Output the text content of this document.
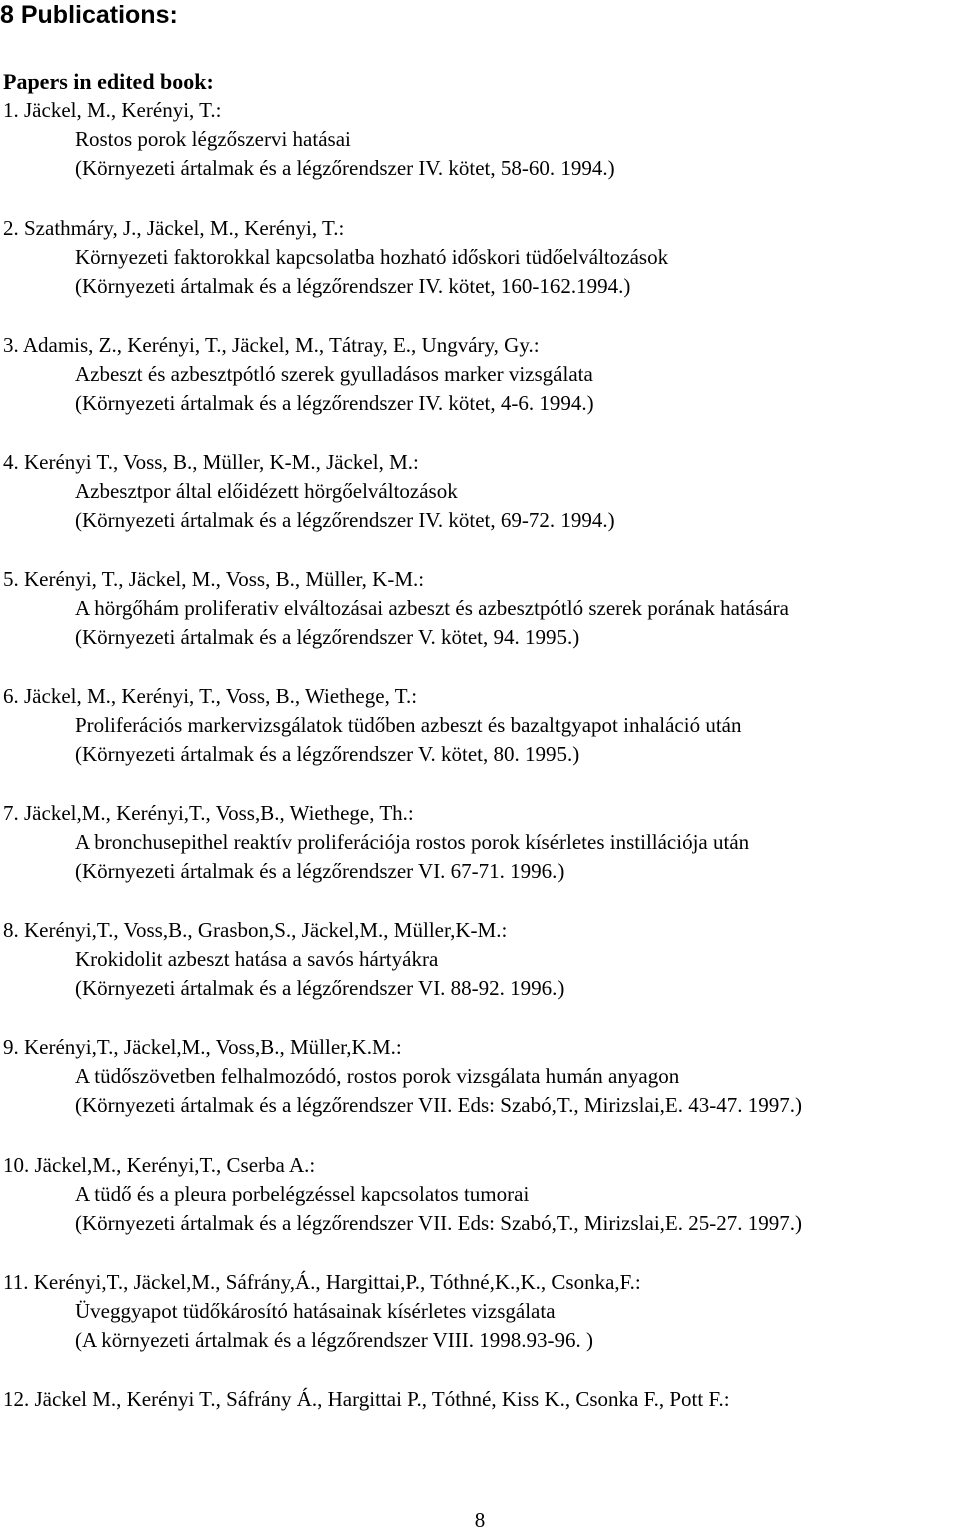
8 Publications:
Papers in edited book:
1. Jäckel, M., Kerényi, T.:
Rostos porok légzőszervi hatásai
(Környezeti ártalmak és a légzőrendszer IV. kötet, 58-60. 1994.)
2. Szathmáry, J., Jäckel, M., Kerényi, T.:
Környezeti faktorokkal kapcsolatba hozható időskori tüdőelváltozások
(Környezeti ártalmak és a légzőrendszer IV. kötet, 160-162.1994.)
3. Adamis, Z., Kerényi, T., Jäckel, M., Tátray, E., Ungváry, Gy.:
Azbeszt és azbesztpótló szerek gyulladásos marker vizsgálata
(Környezeti ártalmak és a légzőrendszer IV. kötet, 4-6. 1994.)
4. Kerényi T., Voss, B., Müller, K-M., Jäckel, M.:
Azbesztpor által előidézett hörgőelváltozások
(Környezeti ártalmak és a légzőrendszer IV. kötet, 69-72. 1994.)
5. Kerényi, T., Jäckel, M., Voss, B., Müller, K-M.:
A hörgőhám proliferativ elváltozásai azbeszt és azbesztpótló szerek porának hatására
(Környezeti ártalmak és a légzőrendszer V. kötet, 94. 1995.)
6. Jäckel, M., Kerényi, T., Voss, B., Wiethege, T.:
Proliferációs markervizsgálatok tüdőben azbeszt és bazaltgyapot inhaláció után
(Környezeti ártalmak és a légzőrendszer V. kötet, 80. 1995.)
7. Jäckel,M., Kerényi,T., Voss,B., Wiethege, Th.:
A bronchusepithel reaktív proliferációja rostos porok kísérletes instillációja után
(Környezeti ártalmak és a légzőrendszer VI. 67-71. 1996.)
8. Kerényi,T., Voss,B., Grasbon,S., Jäckel,M., Müller,K-M.:
Krokidolit azbeszt hatása a savós hártyákra
(Környezeti ártalmak és a légzőrendszer VI. 88-92. 1996.)
9. Kerényi,T., Jäckel,M., Voss,B., Müller,K.M.:
A tüdőszövetben felhalmozódó, rostos porok vizsgálata humán anyagon
(Környezeti ártalmak és a légzőrendszer VII. Eds: Szabó,T., Mirizslai,E. 43-47. 1997.)
10. Jäckel,M., Kerényi,T., Cserba A.:
A tüdő és a pleura porbelégzéssel kapcsolatos tumorai
(Környezeti ártalmak és a légzőrendszer VII. Eds: Szabó,T., Mirizslai,E. 25-27. 1997.)
11. Kerényi,T., Jäckel,M., Sáfrány,Á., Hargittai,P., Tóthné,K.,K., Csonka,F.:
Üveggyapot tüdőkárosító hatásainak kísérletes vizsgálata
(A környezeti ártalmak és a légzőrendszer VIII. 1998.93-96. )
12. Jäckel M., Kerényi T., Sáfrány Á., Hargittai P., Tóthné, Kiss K., Csonka F., Pott F.:
8
